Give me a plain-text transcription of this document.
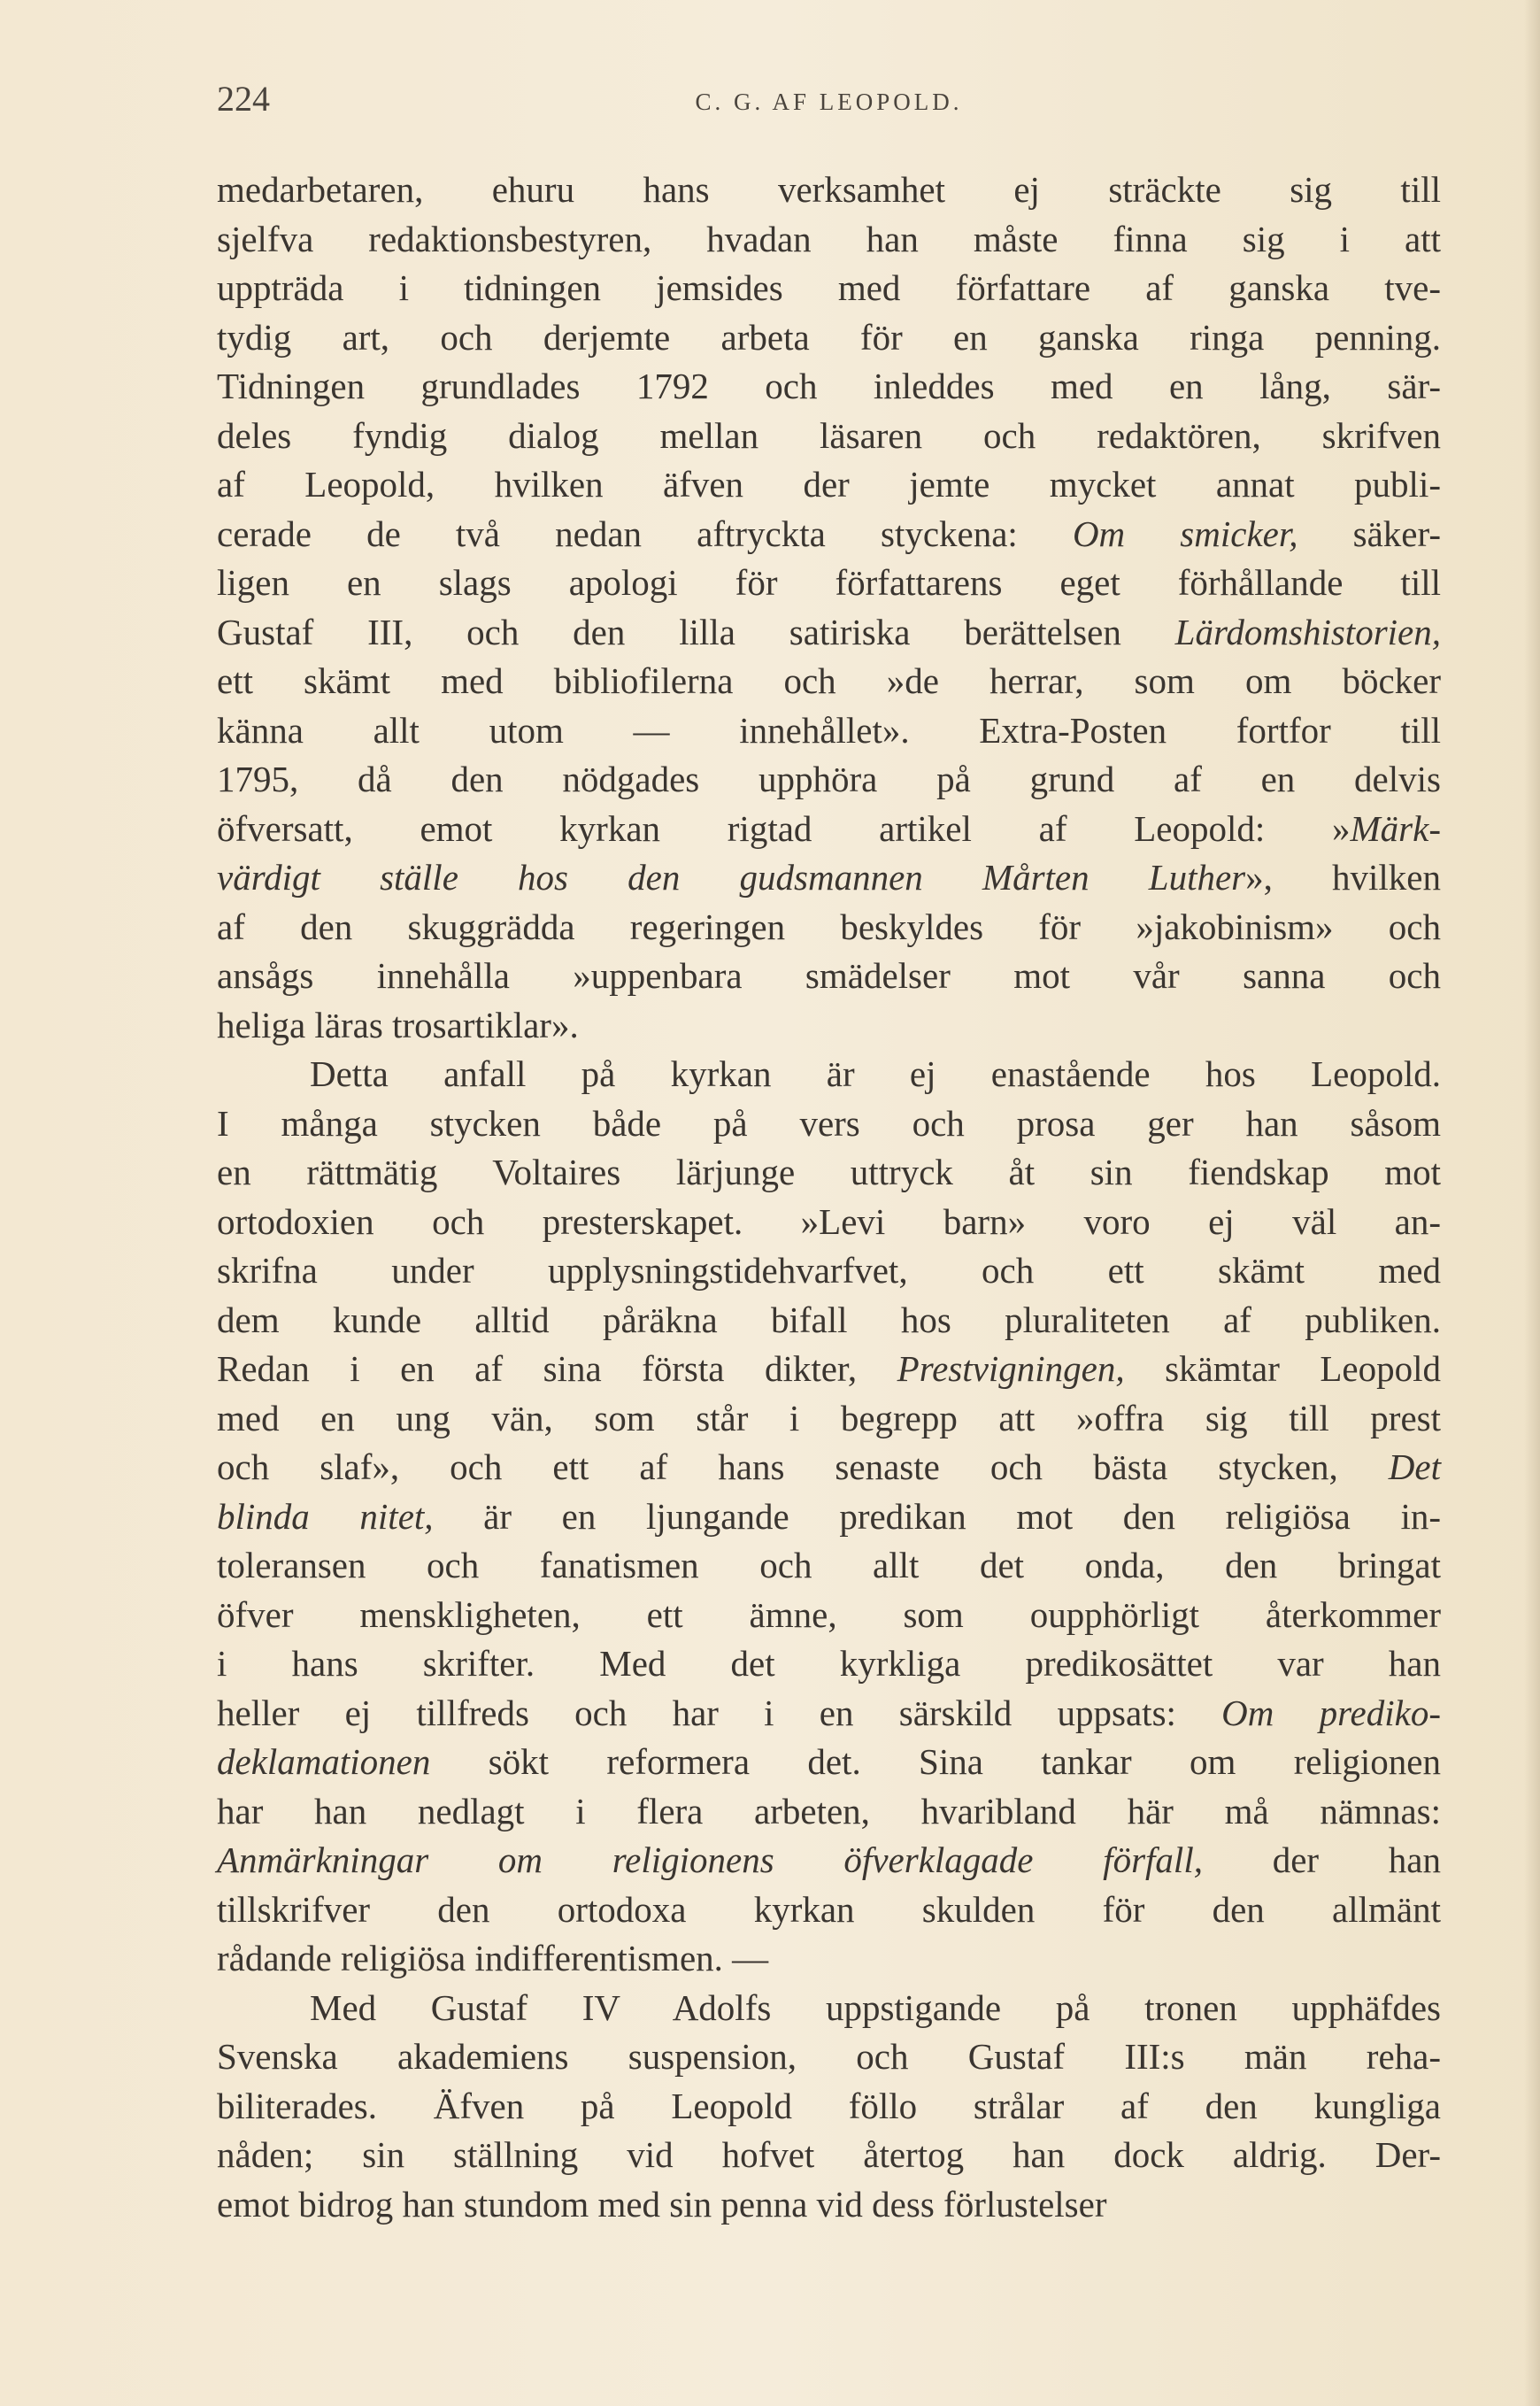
224	C. G. AF LEOPOLD.
medarbetaren, ehuru hans verksamhet ej sträckte sig till
sjelfva redaktionsbestyren, hvadan han måste finna sig i att
uppträda i tidningen jemsides med författare af ganska tve-
tydig art, och derjemte arbeta för en ganska ringa penning.
Tidningen grundlades 1792 och inleddes med en lång, sär-
deles fyndig dialog mellan läsaren och redaktören, skrifven
af Leopold, hvilken äfven der jemte mycket annat publi-
cerade de två nedan aftryckta styckena: Om smicker, säker-
ligen en slags apologi för författarens eget förhållande till
Gustaf III, och den lilla satiriska berättelsen Lärdomshistorien,
ett skämt med bibliofilerna och »de herrar, som om böcker
känna allt utom — innehållet». Extra-Posten fortfor till
1795, då den nödgades upphöra på grund af en delvis
öfversatt, emot kyrkan rigtad artikel af Leopold: »Märk-
värdigt ställe hos den gudsmannen Mårten Luther», hvilken
af den skuggrädda regeringen beskyldes för »jakobinism» och
ansågs innehålla »uppenbara smädelser mot vår sanna och
heliga läras trosartiklar».
Detta anfall på kyrkan är ej enastående hos Leopold.
I många stycken både på vers och prosa ger han såsom
en rättmätig Voltaires lärjunge uttryck åt sin fiendskap mot
ortodoxien och presterskapet. »Levi barn» voro ej väl an-
skrifna under upplysningstidehvarfvet, och ett skämt med
dem kunde alltid påräkna bifall hos pluraliteten af publiken.
Redan i en af sina första dikter, Prestvigningen, skämtar Leopold
med en ung vän, som står i begrepp att »offra sig till prest
och slaf», och ett af hans senaste och bästa stycken, Det
blinda nitet, är en ljungande predikan mot den religiösa in-
toleransen och fanatismen och allt det onda, den bringat
öfver menskligheten, ett ämne, som oupphörligt återkommer
i hans skrifter. Med det kyrkliga predikosättet var han
heller ej tillfreds och har i en särskild uppsats: Om prediko-
deklamationen sökt reformera det. Sina tankar om religionen
har han nedlagt i flera arbeten, hvaribland här må nämnas:
Anmärkningar om religionens öfverklagade förfall, der han
tillskrifver den ortodoxa kyrkan skulden för den allmänt
rådande religiösa indifferentismen. —
Med Gustaf IV Adolfs uppstigande på tronen upphäfdes
Svenska akademiens suspension, och Gustaf III:s män reha-
biliterades. Äfven på Leopold föllo strålar af den kungliga
nåden; sin ställning vid hofvet återtog han dock aldrig. Der-
emot bidrog han stundom med sin penna vid dess förlustelser
